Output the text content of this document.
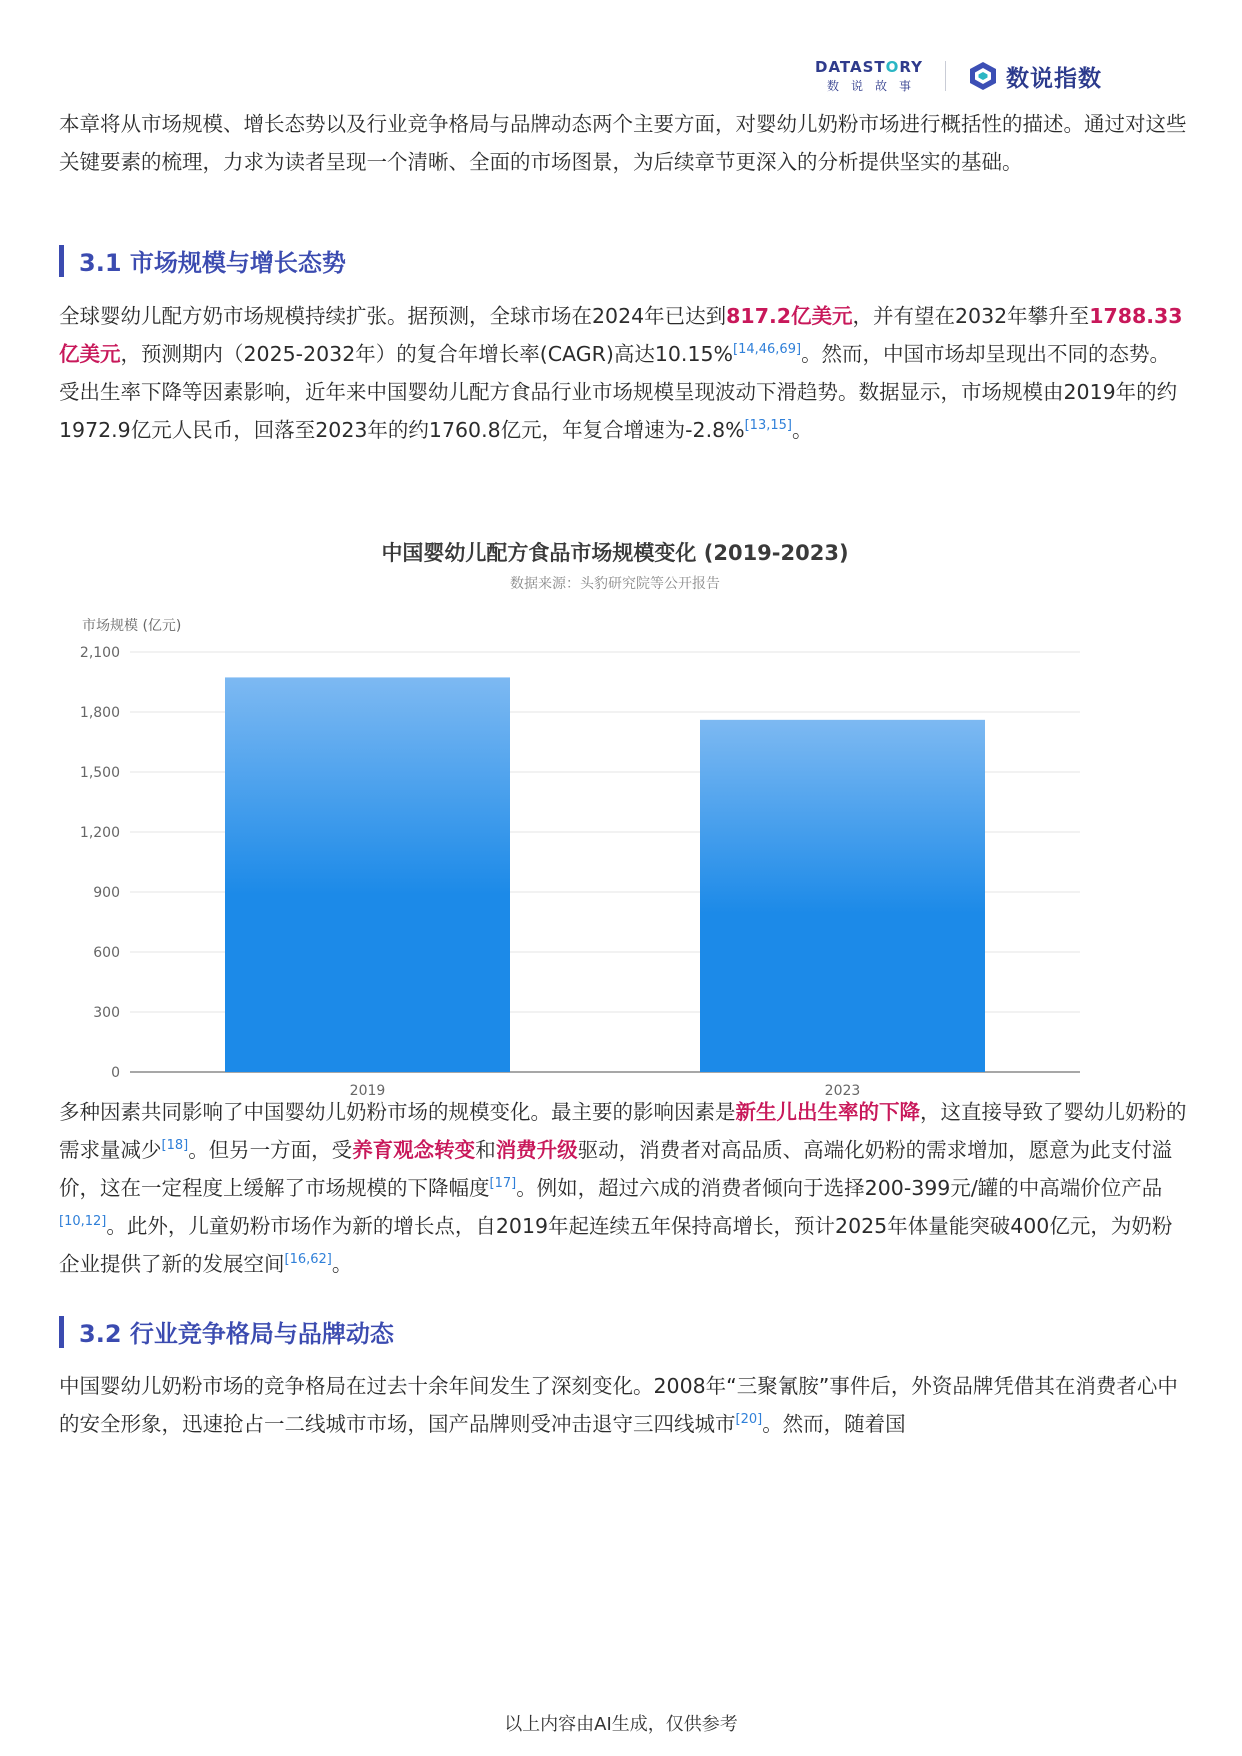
DATASTORY
数说故事	数说指数

本章将从市场规模、增长态势以及行业竞争格局与品牌动态两个主要方面，对婴幼儿奶粉市场进行概括性的描述。通过对这些关键要素的梳理，力求为读者呈现一个清晰、全面的市场图景，为后续章节更深入的分析提供坚实的基础。

3.1 市场规模与增长态势

全球婴幼儿配方奶市场规模持续扩张。据预测，全球市场在2024年已达到817.2亿美元，并有望在2032年攀升至1788.33亿美元，预测期内（2025-2032年）的复合年增长率(CAGR)高达10.15%[14,46,69]。然而，中国市场却呈现出不同的态势。受出生率下降等因素影响，近年来中国婴幼儿配方食品行业市场规模呈现波动下滑趋势。数据显示，市场规模由2019年的约1972.9亿元人民币，回落至2023年的约1760.8亿元，年复合增速为-2.8%[13,15]。

中国婴幼儿配方食品市场规模变化 (2019-2023)
数据来源：头豹研究院等公开报告
市场规模 (亿元)
0
300
600
900
1,200
1,500
1,800
2,100
2019	2023

多种因素共同影响了中国婴幼儿奶粉市场的规模变化。最主要的影响因素是新生儿出生率的下降，这直接导致了婴幼儿奶粉的需求量减少[18]。但另一方面，受养育观念转变和消费升级驱动，消费者对高品质、高端化奶粉的需求增加，愿意为此支付溢价，这在一定程度上缓解了市场规模的下降幅度[17]。例如，超过六成的消费者倾向于选择200-399元/罐的中高端价位产品[10,12]。此外，儿童奶粉市场作为新的增长点，自2019年起连续五年保持高增长，预计2025年体量能突破400亿元，为奶粉企业提供了新的发展空间[16,62]。

3.2 行业竞争格局与品牌动态

中国婴幼儿奶粉市场的竞争格局在过去十余年间发生了深刻变化。2008年“三聚氰胺”事件后，外资品牌凭借其在消费者心中的安全形象，迅速抢占一二线城市市场，国产品牌则受冲击退守三四线城市[20]。然而，随着国

以上内容由AI生成，仅供参考
